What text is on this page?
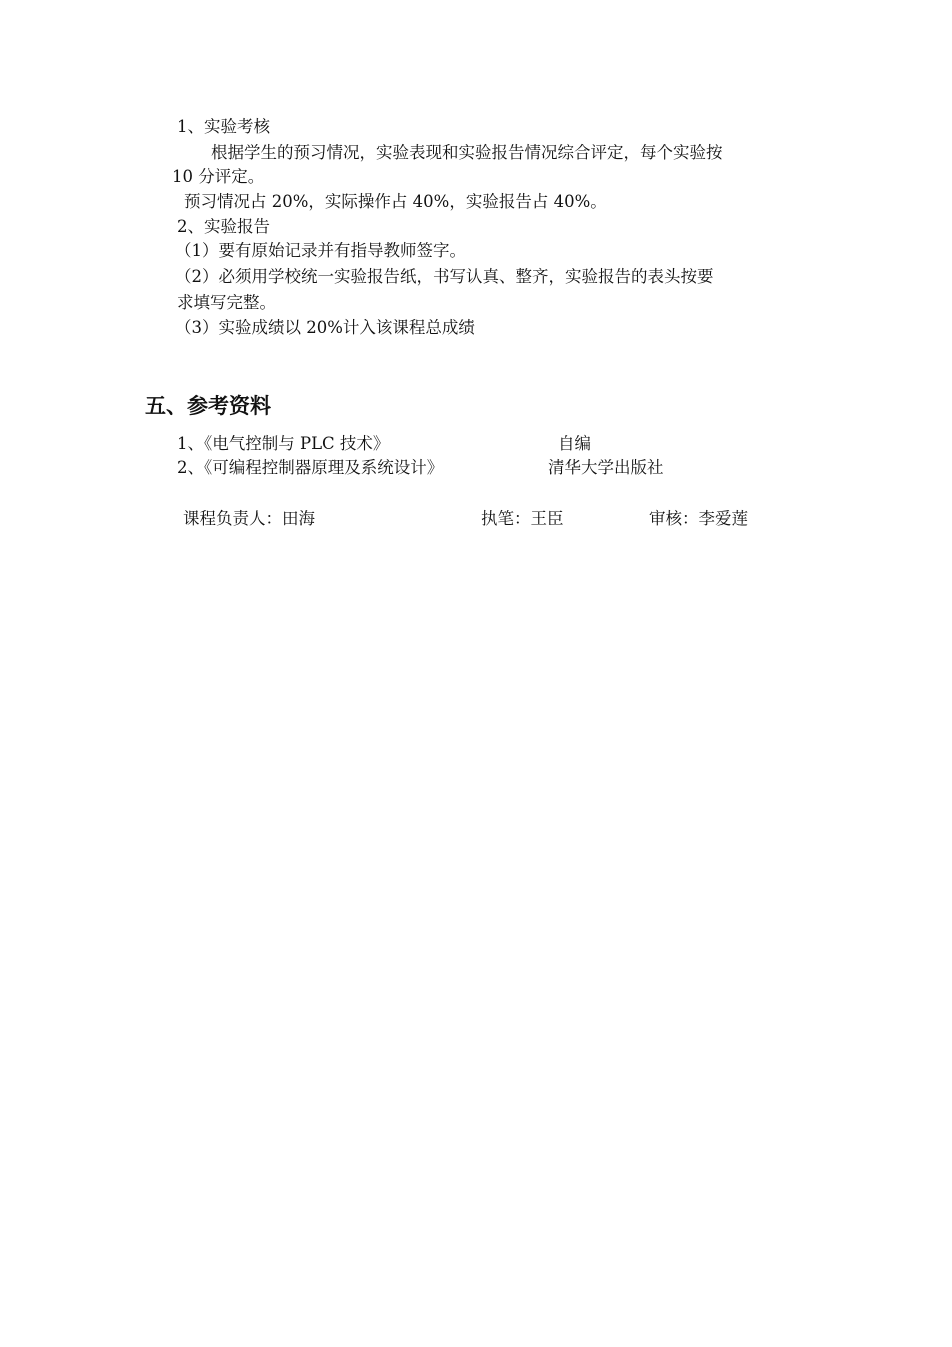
1、实验考核
根据学生的预习情况，实验表现和实验报告情况综合评定，每个实验按
10 分评定。
预习情况占 20%，实际操作占 40%，实验报告占 40%。
2、实验报告
（1）要有原始记录并有指导教师签字。
（2）必须用学校统一实验报告纸，书写认真、整齐，实验报告的表头按要
求填写完整。
（3）实验成绩以 20%计入该课程总成绩
五、参考资料
1、《电气控制与 PLC 技术》	自编
2、《可编程控制器原理及系统设计》	清华大学出版社
课程负责人：田海	执笔：王臣	审核：李爱莲
